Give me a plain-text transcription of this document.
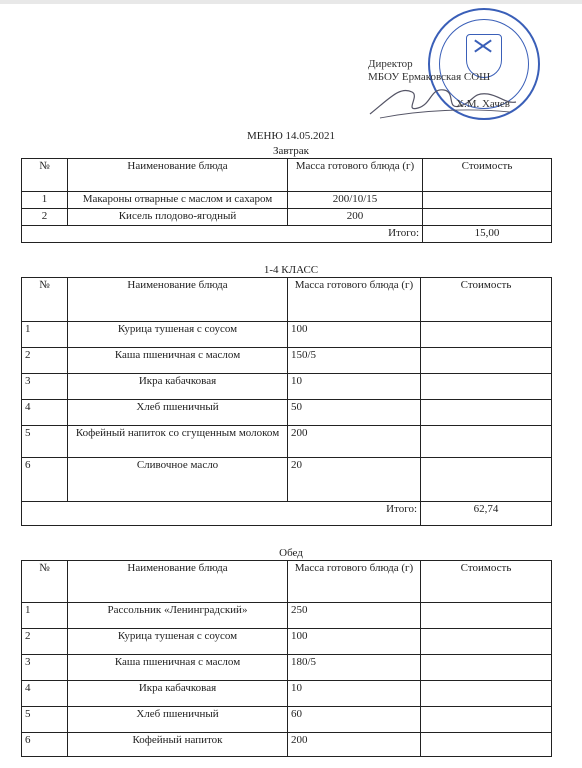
Директор
МБОУ Ермаковская СОШ
Х.М. Хачев
МЕНЮ 14.05.2021
Завтрак
№	Наименование блюда	Массa готового блюда (г)	Стоимость
1	Макароны отварные с маслом и сахаром	200/10/15	
2	Кисель плодово-ягодный	200	
Итого:			15,00
1-4 КЛАСС
№	Наименование блюда	Массa готового блюда (г)	Стоимость
1	Курица тушеная с соусом	100	
2	Каша пшеничная с маслом	150/5	
3	Икра кабачковая	10	
4	Хлеб пшеничный	50	
5	Кофейный напиток со сгущенным молоком	200	
6	Сливочное масло	20	
Итого:			62,74
Обед
№	Наименование блюда	Массa готового блюда (г)	Стоимость
1	Рассольник «Ленинградский»	250	
2	Курица тушеная с соусом	100	
3	Каша пшеничная с маслом	180/5	
4	Икра кабачковая	10	
5	Хлеб пшеничный	60	
6	Кофейный напиток	200	
